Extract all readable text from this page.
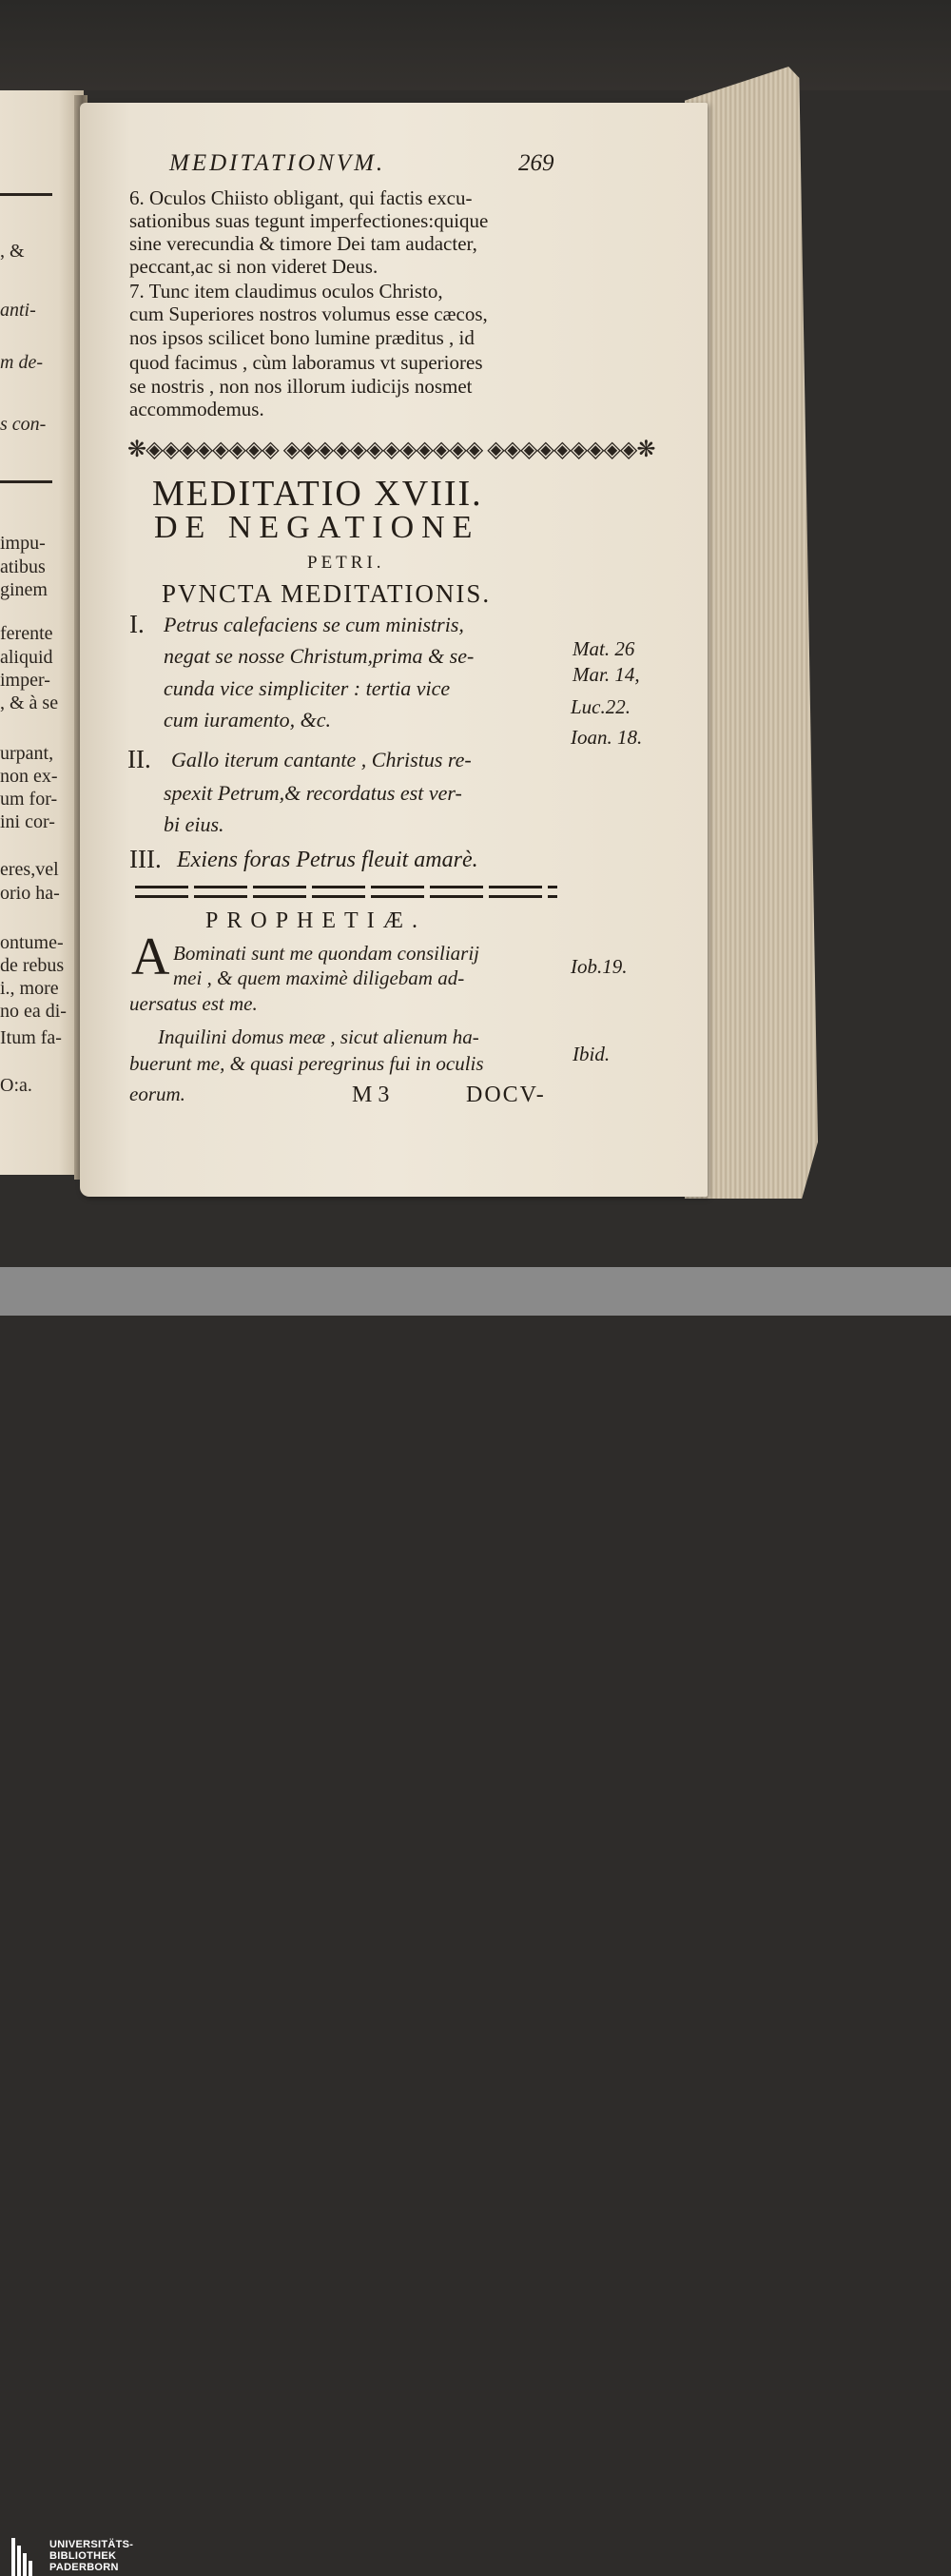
, &
anti-
m de-
s con-
impu-
atibus
ginem
ferente
aliquid
imper-
, & à se
urpant,
non ex-
um for-
ini cor-
eres,vel
orio ha-
ontume-
de rebus
i., more
no ea di-
Itum fa-
O:a.
MEDITATIONVM.	269
6. Oculos Chiisto obligant, qui factis excu-
sationibus suas tegunt imperfectiones:quique
sine verecundia & timore Dei tam audacter,
peccant,ac si non videret Deus.
7. Tunc item claudimus oculos Christo,
cum Superiores nostros volumus esse cæcos,
nos ipsos scilicet bono lumine præditus , id
quod facimus , cùm laboramus vt superiores
se nostris , non nos illorum iudicijs nosmet
accommodemus.
❋◈◈◈◈◈◈◈◈ ◈◈◈◈◈◈◈◈◈◈◈◈ ◈◈◈◈◈◈◈◈◈❋
MEDITATIO XVIII.
DE NEGATIONE
PETRI.
PVNCTA MEDITATIONIS.
I. Petrus calefaciens se cum ministris,
negat se nosse Christum,prima & se-
cunda vice simpliciter : tertia vice
cum iuramento, &c.
II. Gallo iterum cantante , Christus re-
spexit Petrum,& recordatus est ver-
bi eius.
III. Exiens foras Petrus fleuit amarè.
Mat. 26
Mar. 14,
Luc.22.
Ioan. 18.
PROPHETIÆ.
A Bominati sunt me quondam consiliarij
mei , & quem maximè diligebam ad-
uersatus est me.
Inquilini domus meæ , sicut alienum ha-
buerunt me, & quasi peregrinus fui in oculis
eorum.
Iob.19.
Ibid.
M 3	DOCV-
UNIVERSITÄTS-
BIBLIOTHEK
PADERBORN
